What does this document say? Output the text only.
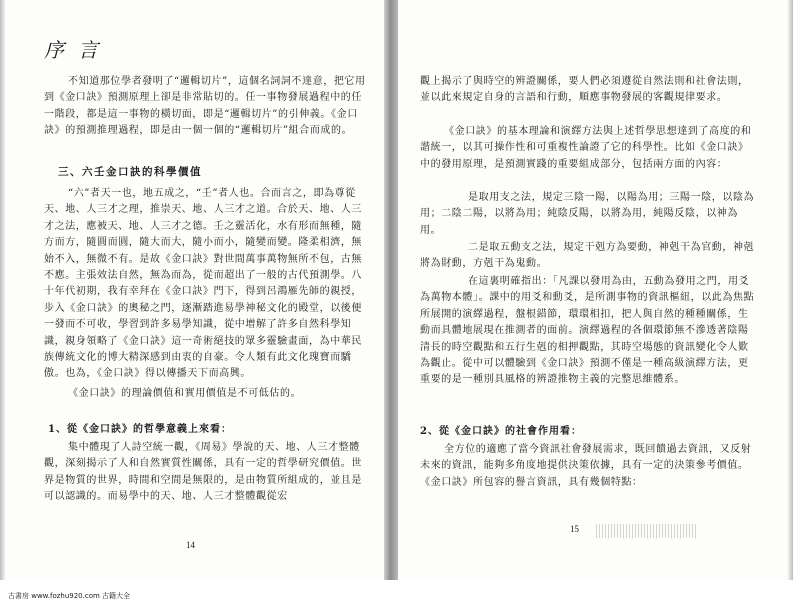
序言

不知道那位學者發明了“邏輯切片”，這個名詞詞不達意，把它用到《金口訣》預測原理上卻是非常貼切的。任一事物發展過程中的任一階段，都是這一事物的橫切面，即是“邏輯切片”的引伸義。《金口訣》的預測推理過程，即是由一個一個的“邏輯切片”組合而成的。

三、六壬金口訣的科學價值

“六”者天一也，地五成之，“壬”者人也。合而言之，即為尊從天、地、人三才之理，推崇天、地、人三才之道。合於天、地、人三才之法，應被天、地、人三才之德。壬之靈活化，水有形而無種，隨方而方，隨圓而圓，隨大而大，隨小而小，隨變而變。隆柔相濟，無始不入，無微不有。是故《金口訣》對世間萬事萬物無所不包，古無不應。主張效法自然，無為而為，從而超出了一般的古代預測學。八十年代初期，我有幸拜在《金口訣》門下，得到呂鴻雁先師的親授，步入《金口訣》的奧秘之門，逐漸踏進易學神秘文化的殿堂，以後便一發而不可收，學習到許多易學知識，從中增解了許多自然科學知識，親身領略了《金口訣》這一奇術絕技的眾多靈驗畫面，為中華民族傳統文化的博大精深感到由衷的自豪。令人類有此文化瑰寶而驕傲。也為，《金口訣》得以傳播天下而高興。

《金口訣》的理論價值和實用價值是不可低估的。

1、從《金口訣》的哲學意義上來看：

集中體現了人詩空統一觀，《周易》學說的天、地、人三才整體觀，深刻揭示了人和自然實質性關係，具有一定的哲學研究價值。世界是物質的世界，時間和空間是無限的，是由物質所組成的，並且是可以認識的。而易學中的天、地、人三才整體觀從宏

14

觀上揭示了與時空的辨證關係，要人們必須遵從自然法則和社會法則，並以此來規定自身的言語和行動，順應事物發展的客觀規律要求。

《金口訣》的基本理論和演繹方法與上述哲學思想達到了高度的和諧統一，以其可操作性和可重複性論證了它的科學性。比如《金口訣》中的發用原理，是預測實踐的重要組成部分，包括兩方面的內容：

是取用支之法，規定三陰一陽，以陽為用；三陽一陰，以陰為用；二陰二陽，以將為用；純陰反陽，以將為用，純陽反陰，以神為用。

二是取五動支之法，規定干剋方為要動，神剋干為官動，神剋將為財動，方剋干為鬼動。

在這裏明確指出：「凡課以發用為由，五動為發用之門，用爻為萬物本體」。課中的用爻和動爻，是所測事物的資訊樞紐，以此為焦點所展開的演繹過程，盤根錯節，環環相扣，把人與自然的種種關係，生動而具體地展現在推測者的面前。演繹過程的各個環節無不滲透著陰陽清長的時空觀點和五行生剋的相押觀點，其時空場態的資訊變化令人歎為觀止。從中可以體驗到《金口訣》預測不僅是一種高級演繹方法，更重要的是一種別具風格的辨證推物主義的完整思維體系。

2、從《金口訣》的社會作用看：

全方位的適應了當今資訊社會發展需求，既回饋過去資訊，又反射未來的資訊，能夠多角度地提供決策依據，具有一定的決策參考價值。《金口訣》所包容的譽言資訊，具有幾個特點：

15
古書房 www.fozhu920.com 古籍大全
